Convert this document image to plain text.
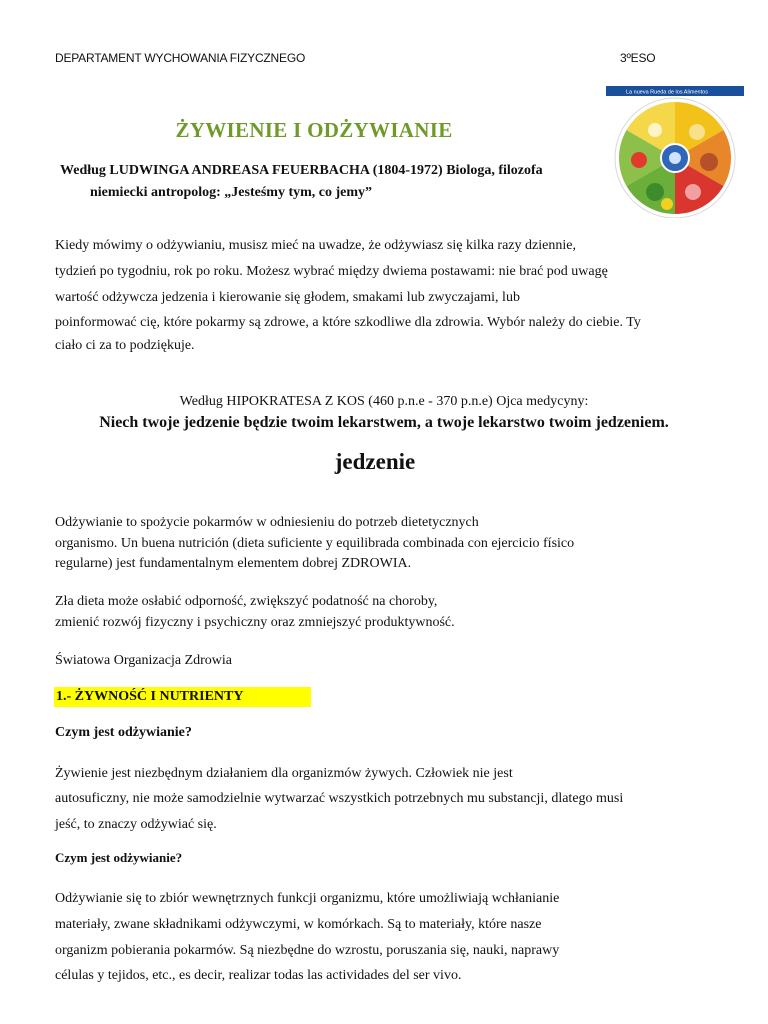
DEPARTAMENT WYCHOWANIA FIZYCZNEGO	3ºESO
La nueva Rueda de los Alimentos
ŻYWIENIE I ODŻYWIANIE
Według LUDWINGA ANDREASA FEUERBACHA (1804-1972) Biologa, filozofa
niemiecki antropolog: „Jesteśmy tym, co jemy”
Kiedy mówimy o odżywianiu, musisz mieć na uwadze, że odżywiasz się kilka razy dziennie,
tydzień po tygodniu, rok po roku. Możesz wybrać między dwiema postawami: nie brać pod uwagę
wartość odżywcza jedzenia i kierowanie się głodem, smakami lub zwyczajami, lub
poinformować cię, które pokarmy są zdrowe, a które szkodliwe dla zdrowia. Wybór należy do ciebie. Ty
ciało ci za to podziękuje.
Według HIPOKRATESA Z KOS (460 p.n.e - 370 p.n.e) Ojca medycyny:
Niech twoje jedzenie będzie twoim lekarstwem, a twoje lekarstwo twoim jedzeniem.
jedzenie
Odżywianie to spożycie pokarmów w odniesieniu do potrzeb dietetycznych
organismo. Un buena nutrición (dieta suficiente y equilibrada combinada con ejercicio físico
regularne) jest fundamentalnym elementem dobrej ZDROWIA.
Zła dieta może osłabić odporność, zwiększyć podatność na choroby,
zmienić rozwój fizyczny i psychiczny oraz zmniejszyć produktywność.
Światowa Organizacja Zdrowia
1.- ŻYWNOŚĆ I NUTRIENTY
Czym jest odżywianie?
Żywienie jest niezbędnym działaniem dla organizmów żywych. Człowiek nie jest
autosuficzny, nie może samodzielnie wytwarzać wszystkich potrzebnych mu substancji, dlatego musi
jeść, to znaczy odżywiać się.
Czym jest odżywianie?
Odżywianie się to zbiór wewnętrznych funkcji organizmu, które umożliwiają wchłanianie
materiały, zwane składnikami odżywczymi, w komórkach. Są to materiały, które nasze
organizm pobierania pokarmów. Są niezbędne do wzrostu, poruszania się, nauki, naprawy
células y tejidos, etc., es decir, realizar todas las actividades del ser vivo.
